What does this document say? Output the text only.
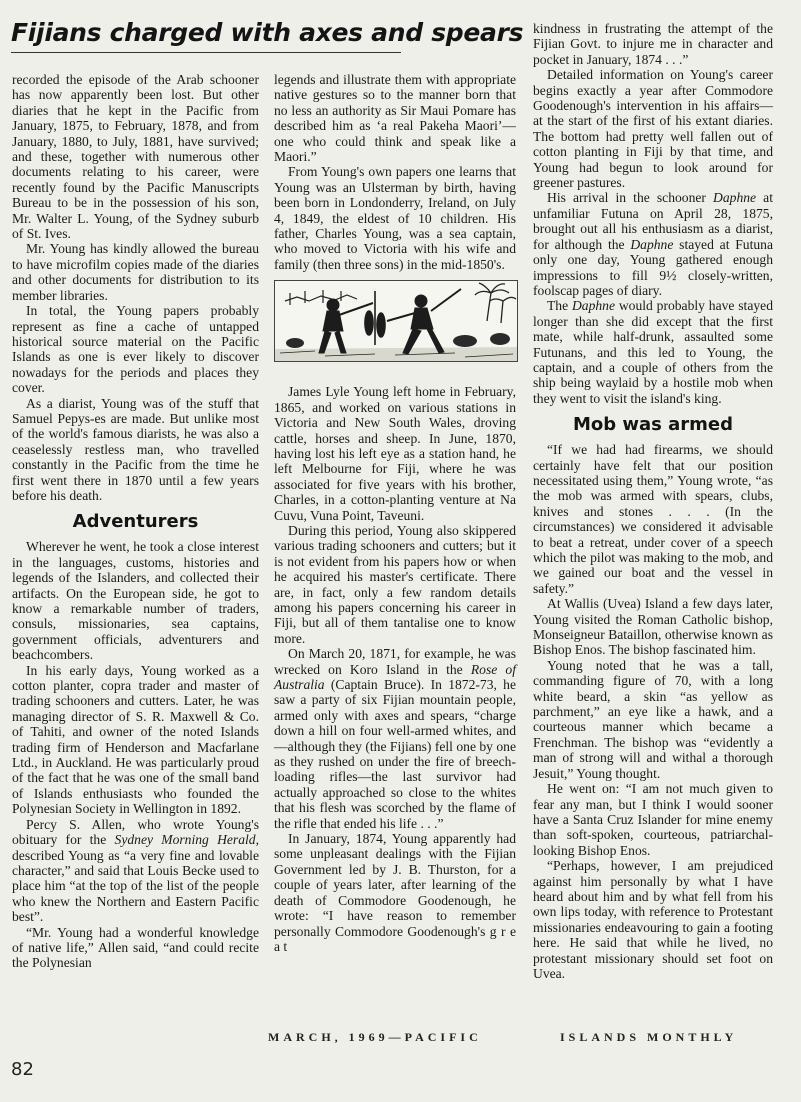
Fijians charged with axes and spears

recorded the episode of the Arab schooner has now apparently been lost. But other diaries that he kept in the Pacific from January, 1875, to February, 1878, and from January, 1880, to July, 1881, have survived; and these, together with numerous other documents relating to his career, were recently found by the Pacific Manuscripts Bureau to be in the possession of his son, Mr. Walter L. Young, of the Sydney suburb of St. Ives.

Mr. Young has kindly allowed the bureau to have microfilm copies made of the diaries and other documents for distribution to its member libraries.

In total, the Young papers probably represent as fine a cache of untapped historical source material on the Pacific Islands as one is ever likely to discover nowadays for the periods and places they cover.

As a diarist, Young was of the stuff that Samuel Pepys-es are made. But unlike most of the world's famous diarists, he was also a ceaselessly restless man, who travelled constantly in the Pacific from the time he first went there in 1870 until a few years before his death.

Adventurers

Wherever he went, he took a close interest in the languages, customs, histories and legends of the Islanders, and collected their artifacts. On the European side, he got to know a remarkable number of traders, consuls, missionaries, sea captains, government officials, adventurers and beachcombers.

In his early days, Young worked as a cotton planter, copra trader and master of trading schooners and cutters. Later, he was managing director of S. R. Maxwell & Co. of Tahiti, and owner of the noted Islands trading firm of Henderson and Macfarlane Ltd., in Auckland. He was particularly proud of the fact that he was one of the small band of Islands enthusiasts who founded the Polynesian Society in Wellington in 1892.

Percy S. Allen, who wrote Young's obituary for the Sydney Morning Herald, described Young as “a very fine and lovable character,” and said that Louis Becke used to place him “at the top of the list of the people who knew the Northern and Eastern Pacific best”.

“Mr. Young had a wonderful knowledge of native life,” Allen said, “and could recite the Polynesian

legends and illustrate them with appropriate native gestures so to the manner born that no less an authority as Sir Maui Pomare has described him as ‘a real Pakeha Maori’—one who could think and speak like a Maori.”

From Young's own papers one learns that Young was an Ulsterman by birth, having been born in Londonderry, Ireland, on July 4, 1849, the eldest of 10 children. His father, Charles Young, was a sea captain, who moved to Victoria with his wife and family (then three sons) in the mid-1850's.

James Lyle Young left home in February, 1865, and worked on various stations in Victoria and New South Wales, droving cattle, horses and sheep. In June, 1870, having lost his left eye as a station hand, he left Melbourne for Fiji, where he was associated for five years with his brother, Charles, in a cotton-planting venture at Na Cuvu, Vuna Point, Taveuni.

During this period, Young also skippered various trading schooners and cutters; but it is not evident from his papers how or when he acquired his master's certificate. There are, in fact, only a few random details among his papers concerning his career in Fiji, but all of them tantalise one to know more.

On March 20, 1871, for example, he was wrecked on Koro Island in the Rose of Australia (Captain Bruce). In 1872-73, he saw a party of six Fijian mountain people, armed only with axes and spears, “charge down a hill on four well-armed whites, and—although they (the Fijians) fell one by one as they rushed on under the fire of breech-loading rifles—the last survivor had actually approached so close to the whites that his flesh was scorched by the flame of the rifle that ended his life . . .”

In January, 1874, Young apparently had some unpleasant dealings with the Fijian Government led by J. B. Thurston, for a couple of years later, after learning of the death of Commodore Goodenough, he wrote: “I have reason to remember personally Commodore Goodenough's g r e a t

kindness in frustrating the attempt of the Fijian Govt. to injure me in character and pocket in January, 1874 . . .”

Detailed information on Young's career begins exactly a year after Commodore Goodenough's intervention in his affairs—at the start of the first of his extant diaries. The bottom had pretty well fallen out of cotton planting in Fiji by that time, and Young had begun to look around for greener pastures.

His arrival in the schooner Daphne at unfamiliar Futuna on April 28, 1875, brought out all his enthusiasm as a diarist, for although the Daphne stayed at Futuna only one day, Young gathered enough impressions to fill 9½ closely-written, foolscap pages of diary.

The Daphne would probably have stayed longer than she did except that the first mate, while half-drunk, assaulted some Futunans, and this led to Young, the captain, and a couple of others from the ship being waylaid by a hostile mob when they went to visit the island's king.

Mob was armed

“If we had had firearms, we should certainly have felt that our position necessitated using them,” Young wrote, “as the mob was armed with spears, clubs, knives and stones . . . (In the circumstances) we considered it advisable to beat a retreat, under cover of a speech which the pilot was making to the mob, and we gained our boat and the vessel in safety.”

At Wallis (Uvea) Island a few days later, Young visited the Roman Catholic bishop, Monseigneur Bataillon, otherwise known as Bishop Enos. The bishop fascinated him.

Young noted that he was a tall, commanding figure of 70, with a long white beard, a skin “as yellow as parchment,” an eye like a hawk, and a courteous manner which became a Frenchman. The bishop was “evidently a man of strong will and withal a thorough Jesuit,” Young thought.

He went on: “I am not much given to fear any man, but I think I would sooner have a Santa Cruz Islander for mine enemy than soft-spoken, courteous, patriarchal-looking Bishop Enos.

“Perhaps, however, I am prejudiced against him personally by what I have heard about him and by what fell from his own lips today, with reference to Protestant missionaries endeavouring to gain a footing here. He said that while he lived, no protestant missionary should set foot on Uvea.

MARCH, 1969—PACIFIC	ISLANDS MONTHLY
82
